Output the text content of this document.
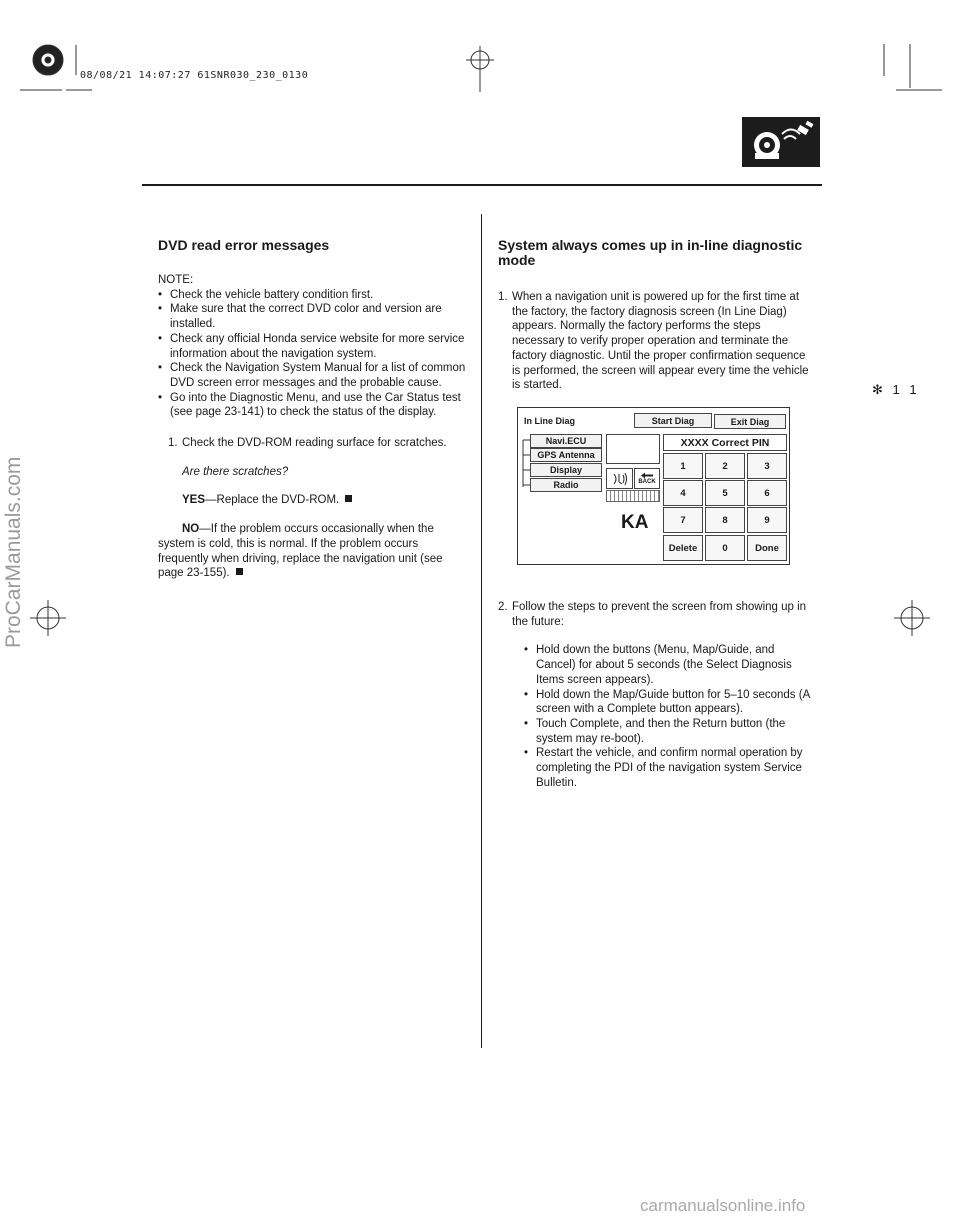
08/08/21 14:07:27 61SNR030_230_0130
DVD read error messages
NOTE:
• Check the vehicle battery condition first.
• Make sure that the correct DVD color and version are installed.
• Check any official Honda service website for more service information about the navigation system.
• Check the Navigation System Manual for a list of common DVD screen error messages and the probable cause.
• Go into the Diagnostic Menu, and use the Car Status test (see page 23-141) to check the status of the display.
1. Check the DVD-ROM reading surface for scratches.
Are there scratches?
YES—Replace the DVD-ROM.
NO—If the problem occurs occasionally when the system is cold, this is normal. If the problem occurs frequently when driving, replace the navigation unit (see page 23-155).
System always comes up in in-line diagnostic mode
1. When a navigation unit is powered up for the first time at the factory, the factory diagnosis screen (In Line Diag) appears. Normally the factory performs the steps necessary to verify proper operation and terminate the factory diagnostic. Until the proper confirmation sequence is performed, the screen will appear every time the vehicle is started.
2. Follow the steps to prevent the screen from showing up in the future:
• Hold down the buttons (Menu, Map/Guide, and Cancel) for about 5 seconds (the Select Diagnosis Items screen appears).
• Hold down the Map/Guide button for 5–10 seconds (A screen with a Complete button appears).
• Touch Complete, and then the Return button (the system may re-boot).
• Restart the vehicle, and confirm normal operation by completing the PDI of the navigation system Service Bulletin.
In Line Diag	Start Diag	Exit Diag
Navi.ECU
GPS Antenna
Display
Radio	BACK
XXXX Correct PIN
1	2	3
4	5	6
7	8	9
Delete	0	Done
KA
✻ 1 1
ProCarManuals.com
carmanualsonline.info
